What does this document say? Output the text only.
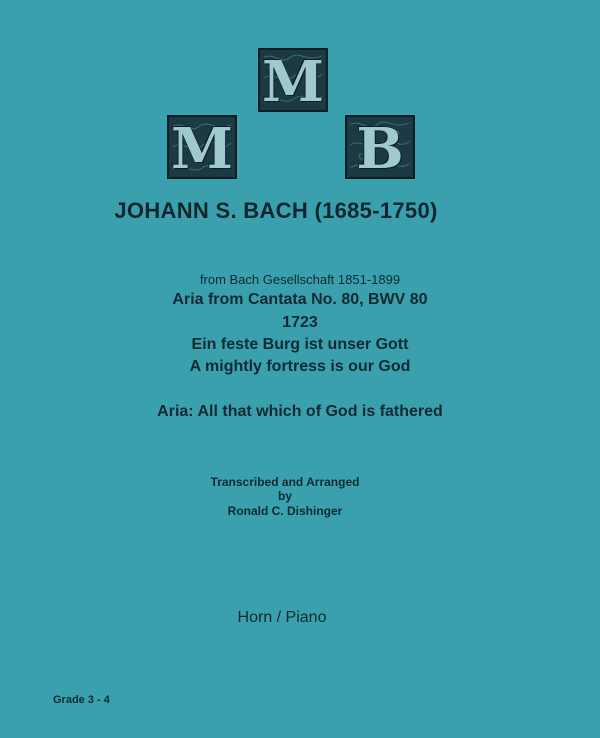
M
M B
JOHANN S. BACH (1685-1750)
from Bach Gesellschaft 1851-1899
Aria from Cantata No. 80, BWV 80
1723
Ein feste Burg ist unser Gott
A mightly fortress is our God
Aria: All that which of God is fathered
Transcribed and Arranged
by
Ronald C. Dishinger
Horn / Piano
Grade 3 - 4
